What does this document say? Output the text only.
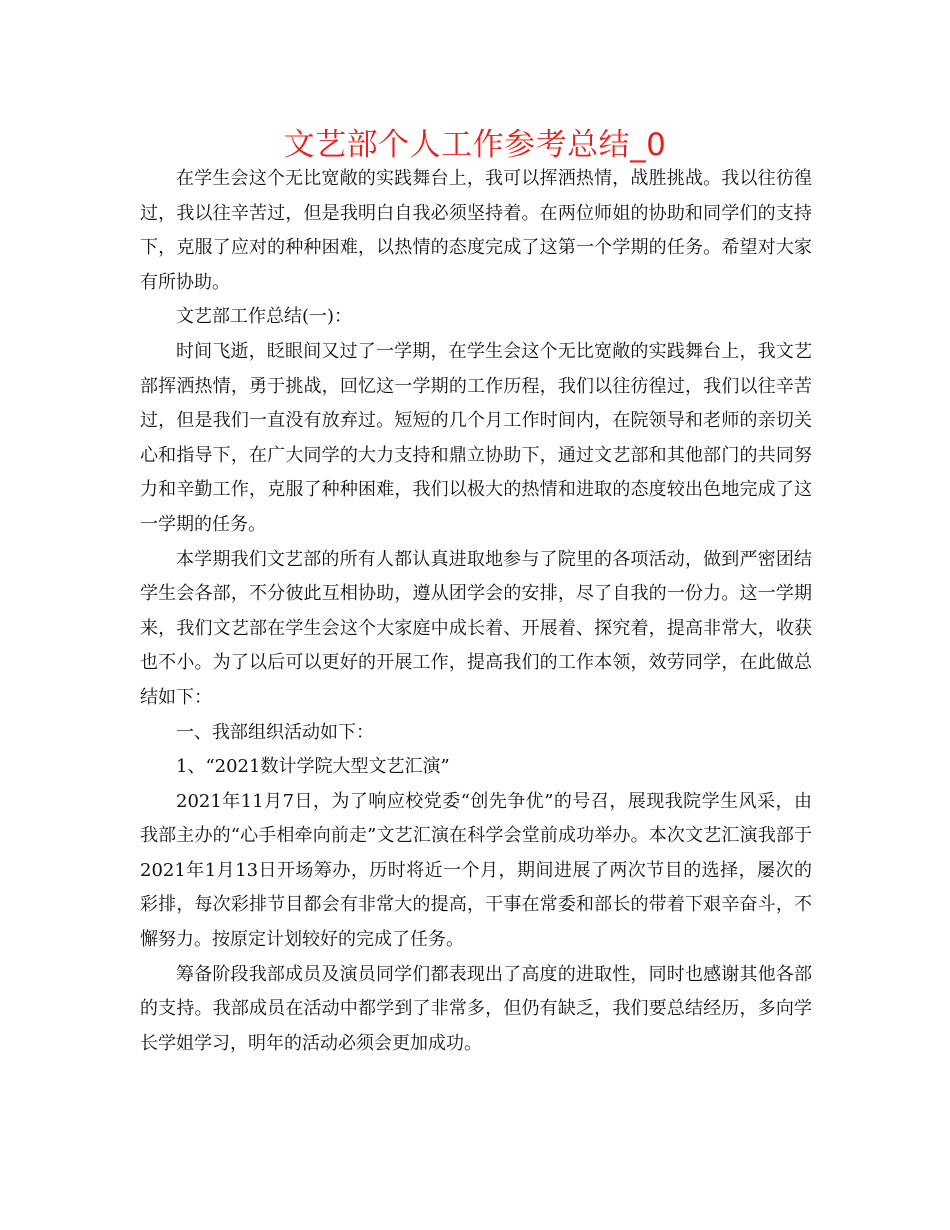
文艺部个人工作参考总结_0

在学生会这个无比宽敞的实践舞台上，我可以挥洒热情，战胜挑战。我以往彷徨过，我以往辛苦过，但是我明白自我必须坚持着。在两位师姐的协助和同学们的支持下，克服了应对的种种困难，以热情的态度完成了这第一个学期的任务。希望对大家有所协助。

文艺部工作总结(一)：

时间飞逝，眨眼间又过了一学期，在学生会这个无比宽敞的实践舞台上，我文艺部挥洒热情，勇于挑战，回忆这一学期的工作历程，我们以往彷徨过，我们以往辛苦过，但是我们一直没有放弃过。短短的几个月工作时间内，在院领导和老师的亲切关心和指导下，在广大同学的大力支持和鼎立协助下，通过文艺部和其他部门的共同努力和辛勤工作，克服了种种困难，我们以极大的热情和进取的态度较出色地完成了这一学期的任务。

本学期我们文艺部的所有人都认真进取地参与了院里的各项活动，做到严密团结学生会各部，不分彼此互相协助，遵从团学会的安排，尽了自我的一份力。这一学期来，我们文艺部在学生会这个大家庭中成长着、开展着、探究着，提高非常大，收获也不小。为了以后可以更好的开展工作，提高我们的工作本领，效劳同学，在此做总结如下：

一、我部组织活动如下：

1、“2021数计学院大型文艺汇演”

2021年11月7日，为了响应校党委“创先争优”的号召，展现我院学生风采，由我部主办的“心手相牵向前走”文艺汇演在科学会堂前成功举办。本次文艺汇演我部于2021年1月13日开场筹办，历时将近一个月，期间进展了两次节目的选择，屡次的彩排，每次彩排节目都会有非常大的提高，干事在常委和部长的带着下艰辛奋斗，不懈努力。按原定计划较好的完成了任务。

筹备阶段我部成员及演员同学们都表现出了高度的进取性，同时也感谢其他各部的支持。我部成员在活动中都学到了非常多，但仍有缺乏，我们要总结经历，多向学长学姐学习，明年的活动必须会更加成功。
